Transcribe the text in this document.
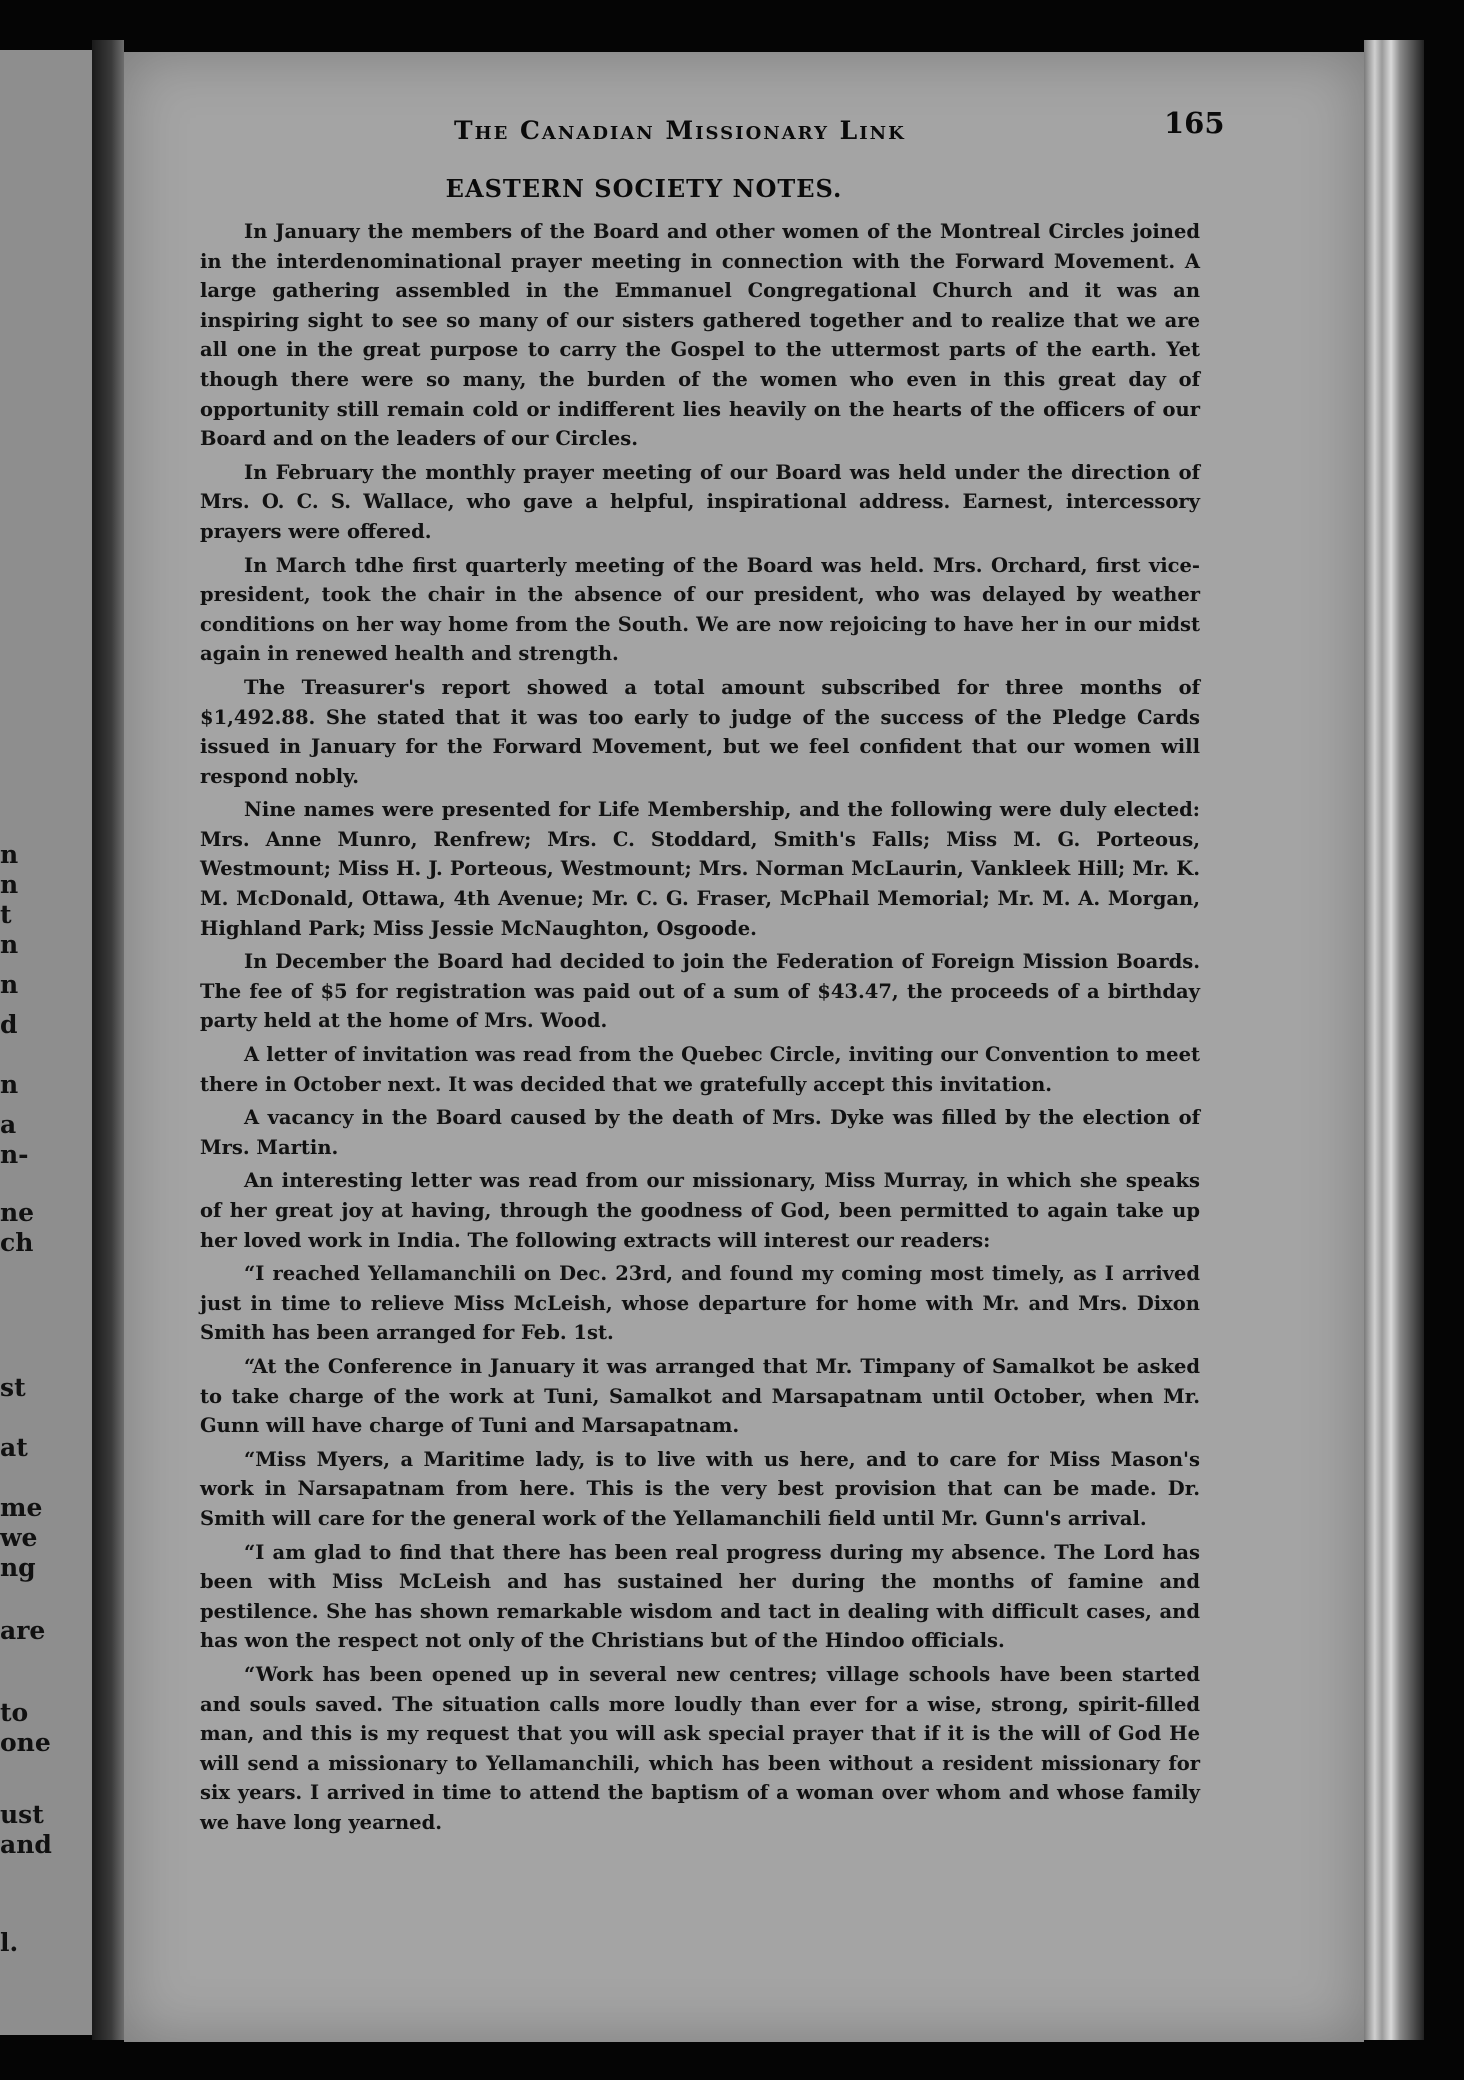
n
n
t
n
n
d
n
a
n-
ne
ch
st
at
me
we
ng
are
to
one
ust
and
l.
The Canadian Missionary Link	165
EASTERN SOCIETY NOTES.

In January the members of the Board and other women of the Montreal Circles joined in the interdenominational prayer meeting in connection with the Forward Movement. A large gathering assembled in the Emmanuel Congregational Church and it was an inspiring sight to see so many of our sisters gathered together and to realize that we are all one in the great purpose to carry the Gospel to the uttermost parts of the earth. Yet though there were so many, the burden of the women who even in this great day of opportunity still remain cold or indifferent lies heavily on the hearts of the officers of our Board and on the leaders of our Circles.

In February the monthly prayer meeting of our Board was held under the direction of Mrs. O. C. S. Wallace, who gave a helpful, inspirational address. Earnest, intercessory prayers were offered.

In March tdhe first quarterly meeting of the Board was held. Mrs. Orchard, first vice-president, took the chair in the absence of our president, who was delayed by weather conditions on her way home from the South. We are now rejoicing to have her in our midst again in renewed health and strength.

The Treasurer's report showed a total amount subscribed for three months of $1,492.88. She stated that it was too early to judge of the success of the Pledge Cards issued in January for the Forward Movement, but we feel confident that our women will respond nobly.

Nine names were presented for Life Membership, and the following were duly elected: Mrs. Anne Munro, Renfrew; Mrs. C. Stoddard, Smith's Falls; Miss M. G. Porteous, Westmount; Miss H. J. Porteous, Westmount; Mrs. Norman McLaurin, Vankleek Hill; Mr. K. M. McDonald, Ottawa, 4th Avenue; Mr. C. G. Fraser, McPhail Memorial; Mr. M. A. Morgan, Highland Park; Miss Jessie McNaughton, Osgoode.

In December the Board had decided to join the Federation of Foreign Mission Boards. The fee of $5 for registration was paid out of a sum of $43.47, the proceeds of a birthday party held at the home of Mrs. Wood.

A letter of invitation was read from the Quebec Circle, inviting our Convention to meet there in October next. It was decided that we gratefully accept this invitation.

A vacancy in the Board caused by the death of Mrs. Dyke was filled by the election of Mrs. Martin.

An interesting letter was read from our missionary, Miss Murray, in which she speaks of her great joy at having, through the goodness of God, been permitted to again take up her loved work in India. The following extracts will interest our readers:

“I reached Yellamanchili on Dec. 23rd, and found my coming most timely, as I arrived just in time to relieve Miss McLeish, whose departure for home with Mr. and Mrs. Dixon Smith has been arranged for Feb. 1st.

“At the Conference in January it was arranged that Mr. Timpany of Samalkot be asked to take charge of the work at Tuni, Samalkot and Marsapatnam until October, when Mr. Gunn will have charge of Tuni and Marsapatnam.

“Miss Myers, a Maritime lady, is to live with us here, and to care for Miss Mason's work in Narsapatnam from here. This is the very best provision that can be made. Dr. Smith will care for the general work of the Yellamanchili field until Mr. Gunn's arrival.

“I am glad to find that there has been real progress during my absence. The Lord has been with Miss McLeish and has sustained her during the months of famine and pestilence. She has shown remarkable wisdom and tact in dealing with difficult cases, and has won the respect not only of the Christians but of the Hindoo officials.

“Work has been opened up in several new centres; village schools have been started and souls saved. The situation calls more loudly than ever for a wise, strong, spirit-filled man, and this is my request that you will ask special prayer that if it is the will of God He will send a missionary to Yellamanchili, which has been without a resident missionary for six years. I arrived in time to attend the baptism of a woman over whom and whose family we have long yearned.
